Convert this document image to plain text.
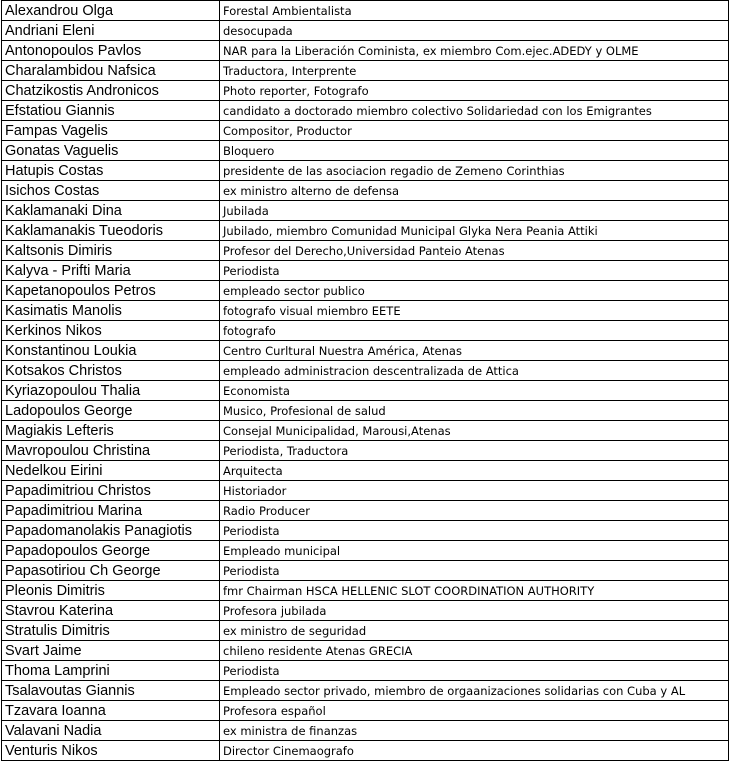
Alexandrou Olga	Forestal Ambientalista
Andriani Eleni	desocupada
Antonopoulos Pavlos	NAR para la Liberación Cominista, ex miembro Com.ejec.ADEDY y OLME
Charalambidou Nafsica	Traductora, Interprente
Chatzikostis Andronicos	Photo reporter, Fotografo
Efstatiou Giannis	candidato a doctorado miembro colectivo Solidariedad con los Emigrantes
Fampas Vagelis	Compositor, Productor
Gonatas Vaguelis	Bloquero
Hatupis Costas	presidente de las asociacion regadio de Zemeno Corinthias
Isichos Costas	ex ministro alterno de defensa
Kaklamanaki Dina	Jubilada
Kaklamanakis Tueodoris	Jubilado, miembro Comunidad Municipal Glyka Nera Peania Attiki
Kaltsonis Dimiris	Profesor del Derecho,Universidad Panteio Atenas
Kalyva - Prifti Maria	Periodista
Kapetanopoulos Petros	empleado sector publico
Kasimatis Manolis	fotografo visual miembro EETE
Kerkinos Nikos	fotografo
Konstantinou Loukia	Centro Curltural Nuestra América, Atenas
Kotsakos Christos	empleado administracion descentralizada de Attica
Kyriazopoulou Thalia	Economista
Ladopoulos George	Musico, Profesional de salud
Magiakis Lefteris	Consejal Municipalidad, Marousi,Atenas
Mavropoulou Christina	Periodista, Traductora
Nedelkou Eirini	Arquitecta
Papadimitriou Christos	Historiador
Papadimitriou Marina	Radio Producer
Papadomanolakis Panagiotis	Periodista
Papadopoulos George	Empleado municipal
Papasotiriou Ch George	Periodista
Pleonis Dimitris	fmr Chairman HSCA HELLENIC SLOT COORDINATION AUTHORITY
Stavrou Katerina	Profesora jubilada
Stratulis Dimitris	ex ministro de seguridad
Svart Jaime	chileno residente Atenas GRECIA
Thoma Lamprini	Periodista
Tsalavoutas Giannis	Empleado sector privado, miembro de orgaanizaciones solidarias con Cuba y AL
Tzavara Ioanna	Profesora español
Valavani Nadia	ex ministra de finanzas
Venturis Nikos	Director Cinemaografo
